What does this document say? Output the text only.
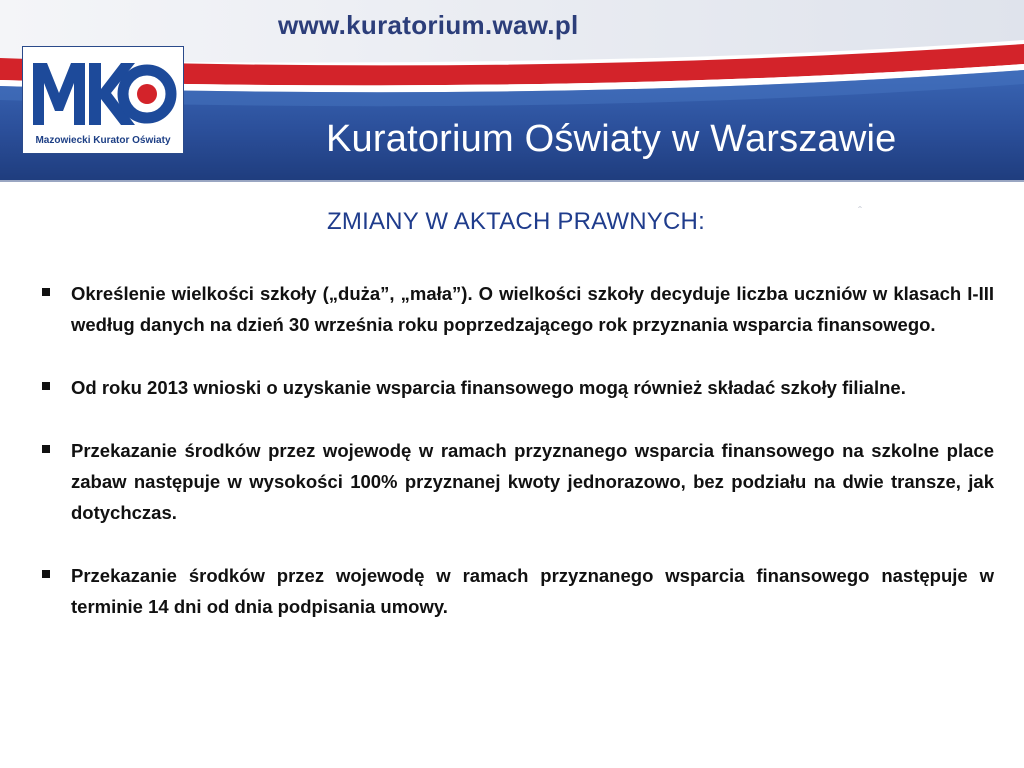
www.kuratorium.waw.pl
Kuratorium Oświaty w Warszawie
Mazowiecki Kurator Oświaty
ˆ
ZMIANY W AKTACH PRAWNYCH:
Określenie wielkości szkoły („duża”, „mała”). O wielkości szkoły decyduje liczba uczniów w klasach I-III według danych na dzień 30 września roku poprzedzającego rok przyznania wsparcia finansowego.
Od roku 2013 wnioski o uzyskanie wsparcia finansowego mogą również składać szkoły filialne.
Przekazanie środków przez wojewodę w ramach przyznanego wsparcia finansowego na szkolne place zabaw następuje w wysokości 100% przyznanej kwoty jednorazowo, bez podziału na dwie transze, jak dotychczas.
Przekazanie środków przez wojewodę w ramach przyznanego wsparcia finansowego następuje w terminie 14 dni od dnia podpisania umowy.
